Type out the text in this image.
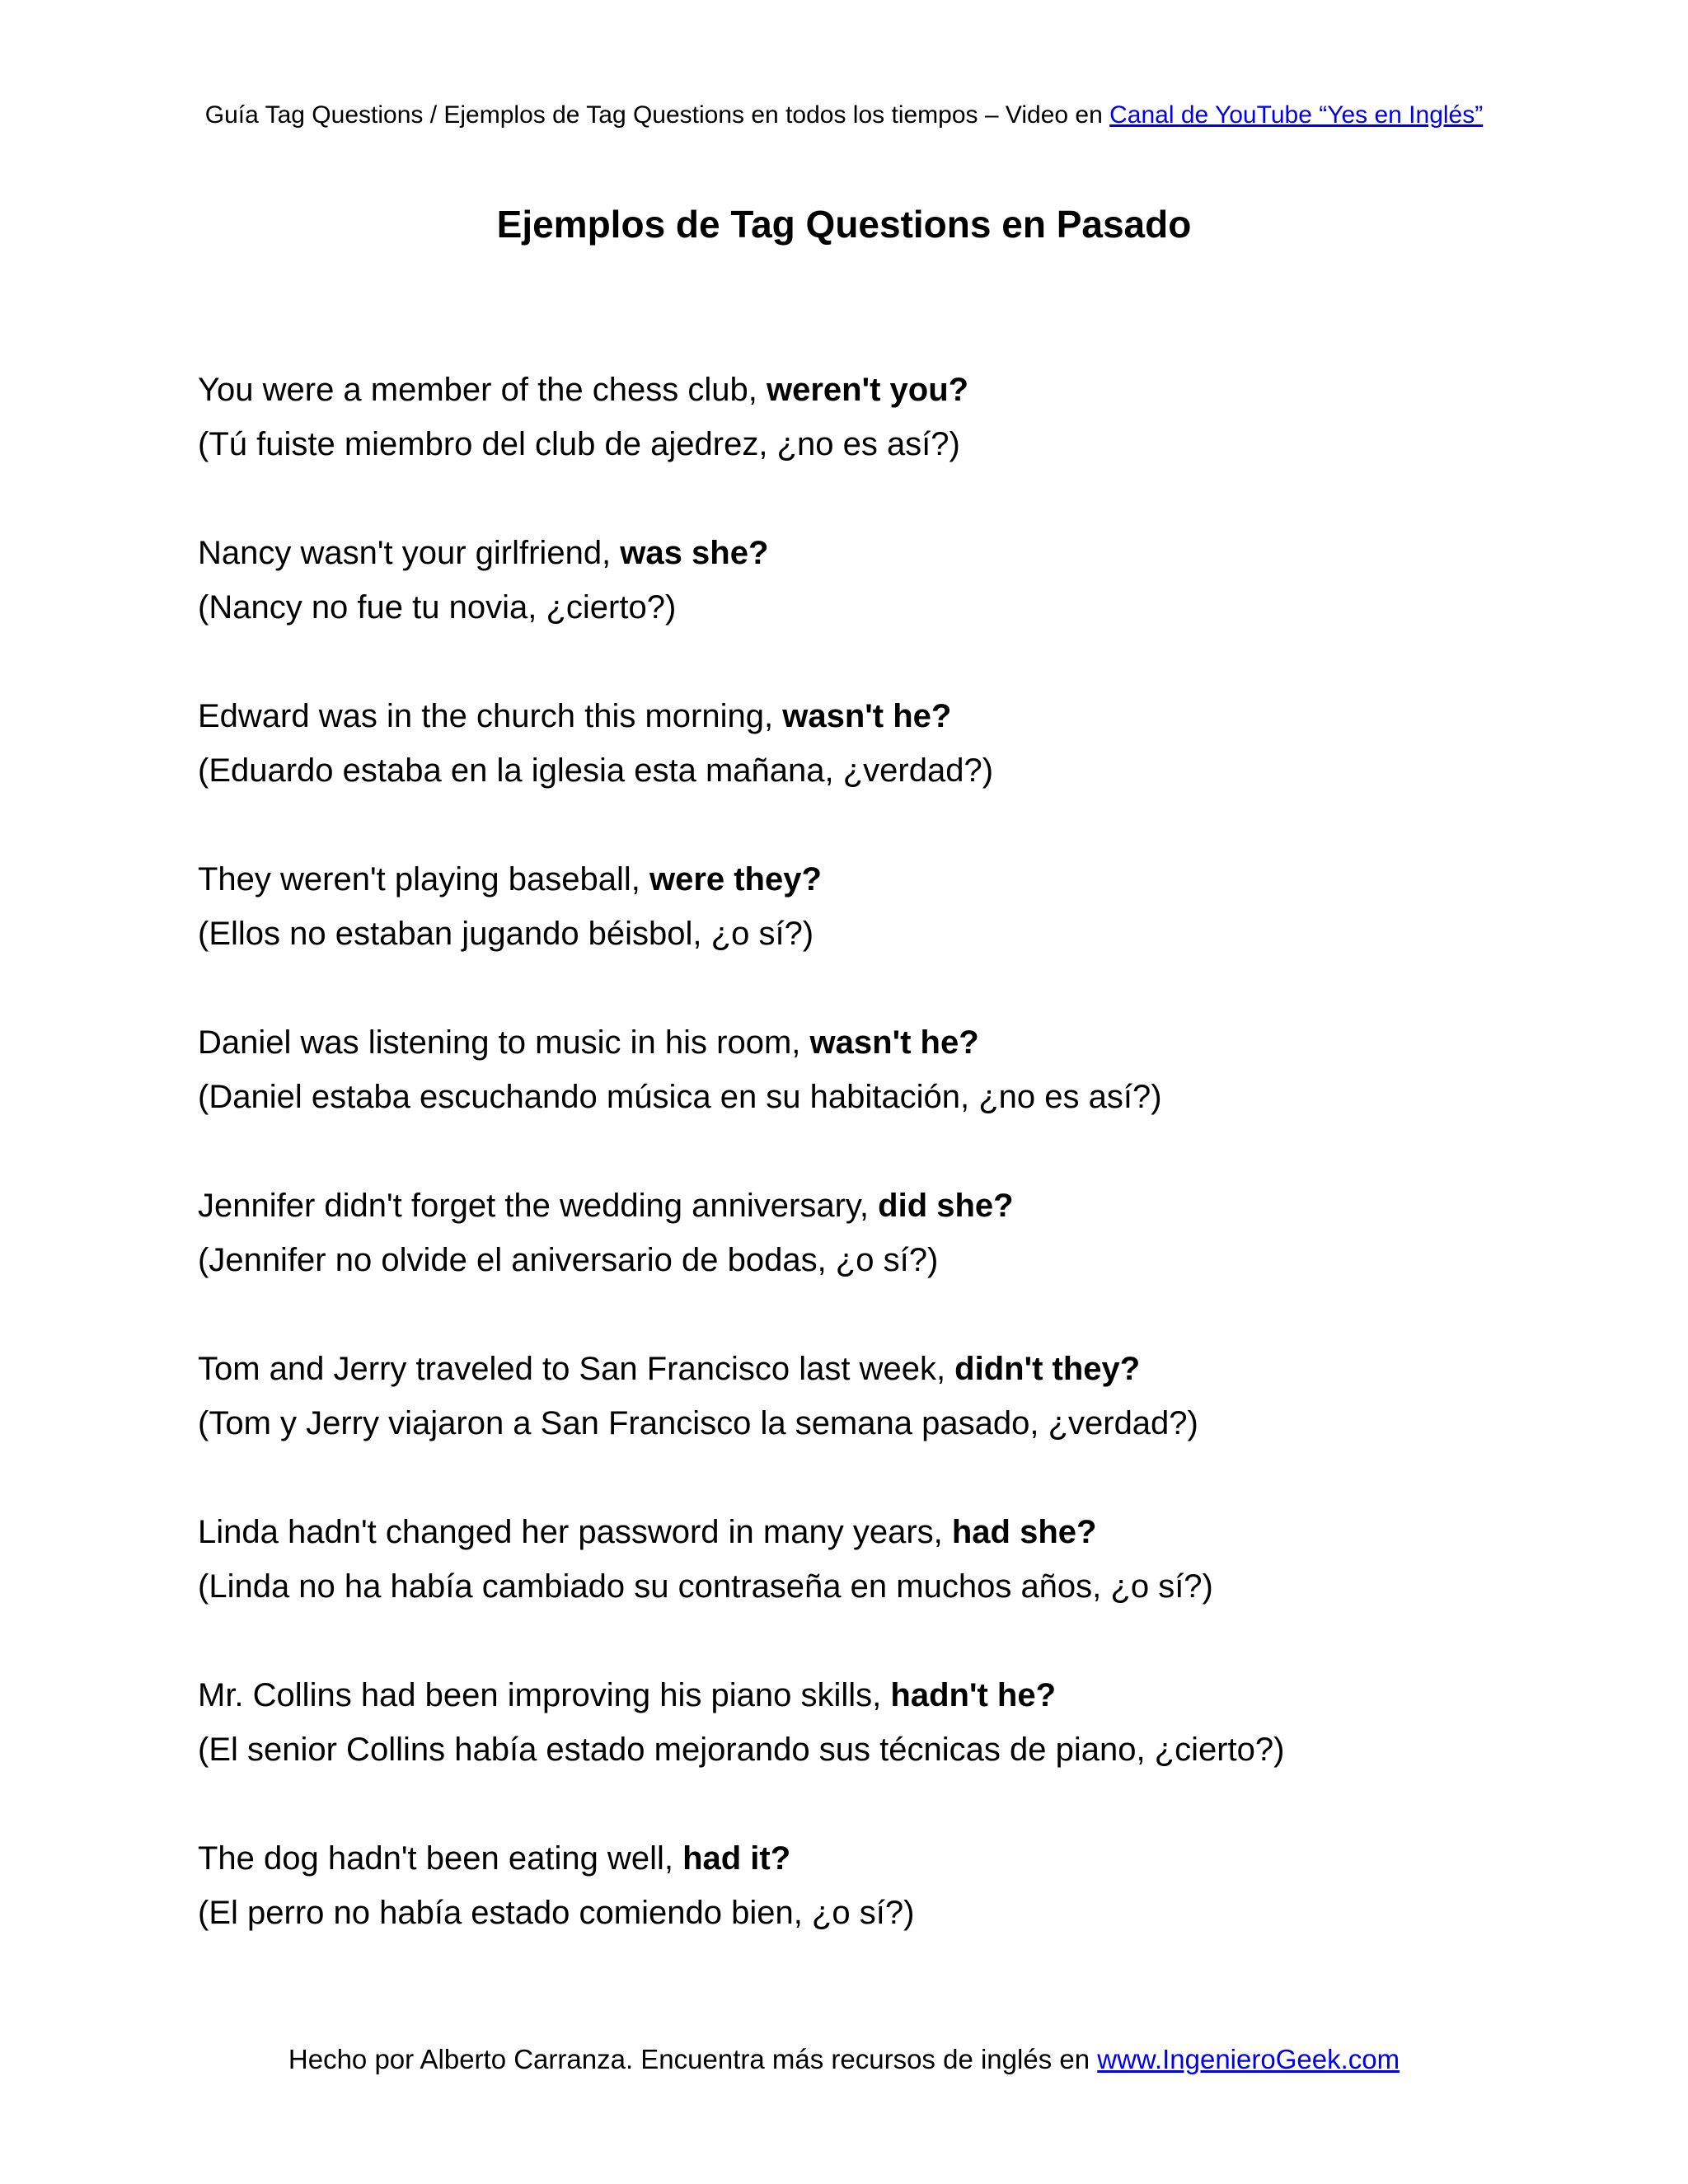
Guía Tag Questions / Ejemplos de Tag Questions en todos los tiempos – Video en Canal de YouTube “Yes en Inglés”
Ejemplos de Tag Questions en Pasado
You were a member of the chess club, weren't you?
(Tú fuiste miembro del club de ajedrez, ¿no es así?)
Nancy wasn't your girlfriend, was she?
(Nancy no fue tu novia, ¿cierto?)
Edward was in the church this morning, wasn't he?
(Eduardo estaba en la iglesia esta mañana, ¿verdad?)
They weren't playing baseball, were they?
(Ellos no estaban jugando béisbol, ¿o sí?)
Daniel was listening to music in his room, wasn't he?
(Daniel estaba escuchando música en su habitación, ¿no es así?)
Jennifer didn't forget the wedding anniversary, did she?
(Jennifer no olvide el aniversario de bodas, ¿o sí?)
Tom and Jerry traveled to San Francisco last week, didn't they?
(Tom y Jerry viajaron a San Francisco la semana pasado, ¿verdad?)
Linda hadn't changed her password in many years, had she?
(Linda no ha había cambiado su contraseña en muchos años, ¿o sí?)
Mr. Collins had been improving his piano skills, hadn't he?
(El senior Collins había estado mejorando sus técnicas de piano, ¿cierto?)
The dog hadn't been eating well, had it?
(El perro no había estado comiendo bien, ¿o sí?)
Hecho por Alberto Carranza. Encuentra más recursos de inglés en www.IngenieroGeek.com
